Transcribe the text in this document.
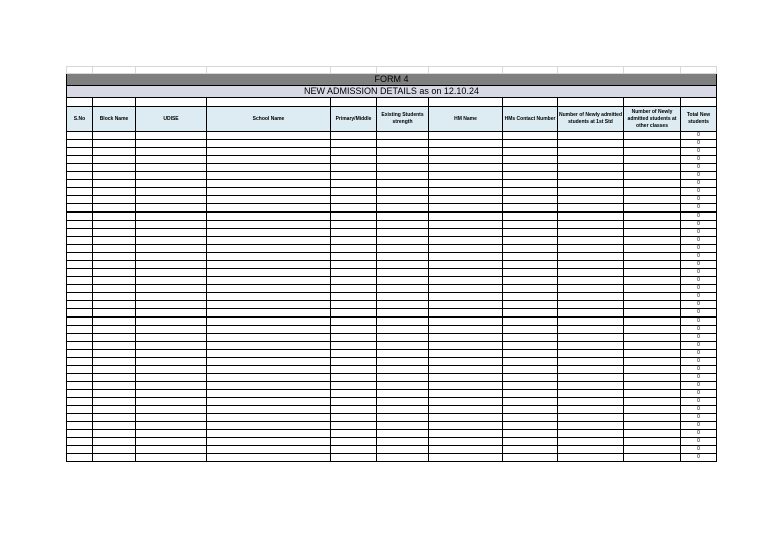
FORM 4										
NEW ADMISSION DETAILS as on 12.10.24										

S.No	Block Name	UDISE	School Name	Primary/Middle	Existing Students strength	HM Name	HMs Contact Number	Number of Newly admitted students at 1st Std	Number of Newly admitted students at other classes	Total New students
										0
										0
										0
										0
										0
										0
										0
										0
										0
										0
										0
										0
										0
										0
										0
										0
										0
										0
										0
										0
										0
										0
										0
										0
										0
										0
										0
										0
										0
										0
										0
										0
										0
										0
										0
										0
										0
										0
										0
										0
										0
